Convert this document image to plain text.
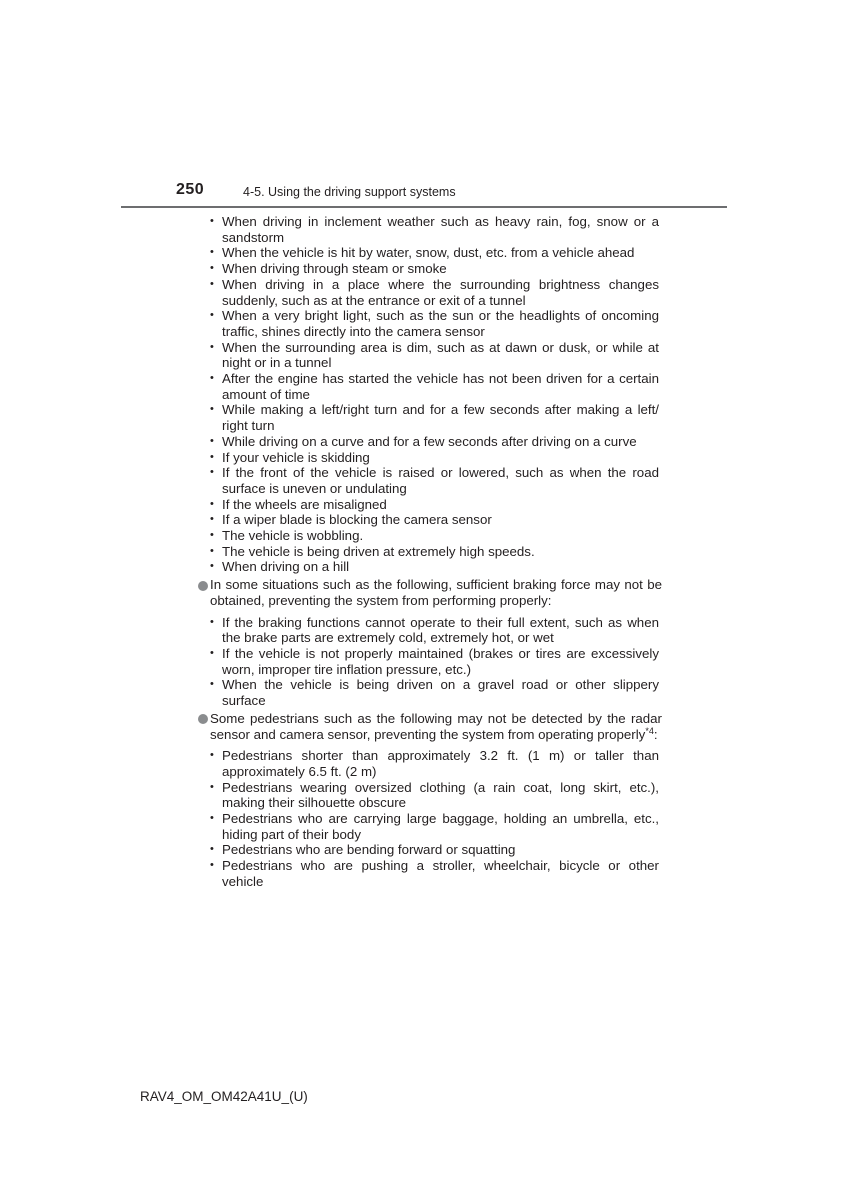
250	4-5. Using the driving support systems
• When driving in inclement weather such as heavy rain, fog, snow or a sandstorm
• When the vehicle is hit by water, snow, dust, etc. from a vehicle ahead
• When driving through steam or smoke
• When driving in a place where the surrounding brightness changes suddenly, such as at the entrance or exit of a tunnel
• When a very bright light, such as the sun or the headlights of oncoming traffic, shines directly into the camera sensor
• When the surrounding area is dim, such as at dawn or dusk, or while at night or in a tunnel
• After the engine has started the vehicle has not been driven for a certain amount of time
• While making a left/right turn and for a few seconds after making a left/ right turn
• While driving on a curve and for a few seconds after driving on a curve
• If your vehicle is skidding
• If the front of the vehicle is raised or lowered, such as when the road surface is uneven or undulating
• If the wheels are misaligned
• If a wiper blade is blocking the camera sensor
• The vehicle is wobbling.
• The vehicle is being driven at extremely high speeds.
• When driving on a hill
In some situations such as the following, sufficient braking force may not be obtained, preventing the system from performing properly:
• If the braking functions cannot operate to their full extent, such as when the brake parts are extremely cold, extremely hot, or wet
• If the vehicle is not properly maintained (brakes or tires are excessively worn, improper tire inflation pressure, etc.)
• When the vehicle is being driven on a gravel road or other slippery surface
Some pedestrians such as the following may not be detected by the radar sensor and camera sensor, preventing the system from operating properly$^{*4}$:
• Pedestrians shorter than approximately 3.2 ft. (1 m) or taller than approximately 6.5 ft. (2 m)
• Pedestrians wearing oversized clothing (a rain coat, long skirt, etc.), making their silhouette obscure
• Pedestrians who are carrying large baggage, holding an umbrella, etc., hiding part of their body
• Pedestrians who are bending forward or squatting
• Pedestrians who are pushing a stroller, wheelchair, bicycle or other vehicle
RAV4_OM_OM42A41U_(U)
